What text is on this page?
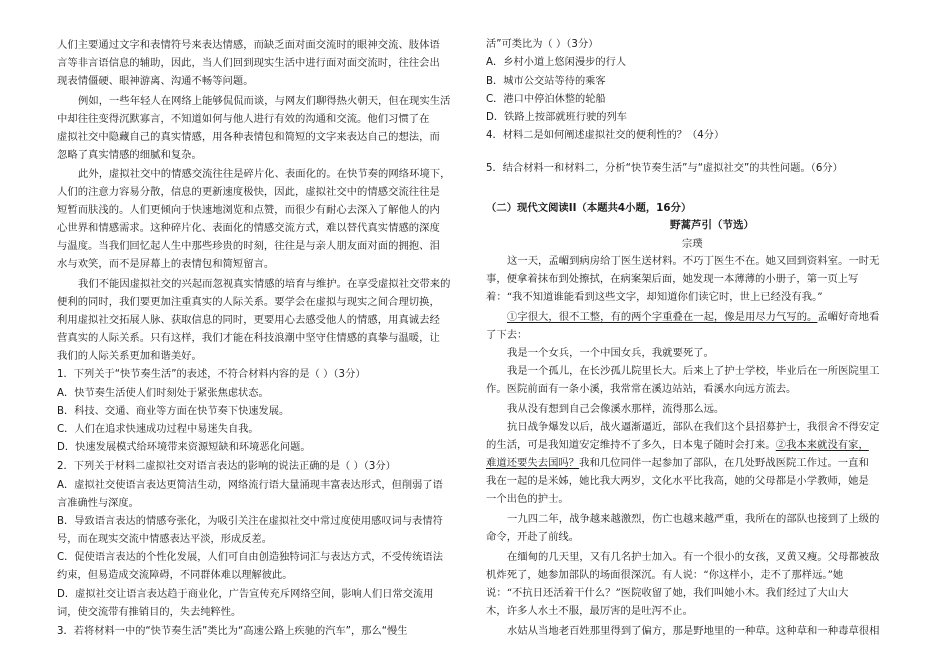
人们主要通过文字和表情符号来表达情感，而缺乏面对面交流时的眼神交流、肢体语
言等非言语信息的辅助，因此，当人们回到现实生活中进行面对面交流时，往往会出
现表情僵硬、眼神游离、沟通不畅等问题。
例如，一些年轻人在网络上能够侃侃而谈，与网友们聊得热火朝天，但在现实生活
中却往往变得沉默寡言，不知道如何与他人进行有效的沟通和交流。他们习惯了在
虚拟社交中隐藏自己的真实情感，用各种表情包和简短的文字来表达自己的想法，而
忽略了真实情感的细腻和复杂。
此外，虚拟社交中的情感交流往往是碎片化、表面化的。在快节奏的网络环境下，
人们的注意力容易分散，信息的更新速度极快，因此，虚拟社交中的情感交流往往是
短暂而肤浅的。人们更倾向于快速地浏览和点赞，而很少有耐心去深入了解他人的内
心世界和情感需求。这种碎片化、表面化的情感交流方式，难以替代真实情感的深度
与温度。当我们回忆起人生中那些珍贵的时刻，往往是与亲人朋友面对面的拥抱、泪
水与欢笑，而不是屏幕上的表情包和简短留言。
我们不能因虚拟社交的兴起而忽视真实情感的培育与维护。在享受虚拟社交带来的
便利的同时，我们要更加注重真实的人际关系。要学会在虚拟与现实之间合理切换，
利用虚拟社交拓展人脉、获取信息的同时，更要用心去感受他人的情感，用真诚去经
营真实的人际关系。只有这样，我们才能在科技浪潮中坚守住情感的真挚与温暖，让
我们的人际关系更加和谐美好。
1．下列关于“快节奏生活”的表述，不符合材料内容的是（ ）（3分）
A．快节奏生活使人们时刻处于紧张焦虑状态。
B．科技、交通、商业等方面在快节奏下快速发展。
C．人们在追求快速成功过程中易迷失自我。
D．快速发展模式给环境带来资源短缺和环境恶化问题。
2．下列关于材料二虚拟社交对语言表达的影响的说法正确的是（ ）（3分）
A．虚拟社交使语言表达更简洁生动，网络流行语大量涌现丰富表达形式，但削弱了语
言准确性与深度。
B．导致语言表达的情感夸张化，为吸引关注在虚拟社交中常过度使用感叹词与表情符
号，而在现实交流中情感表达平淡，形成反差。
C．促使语言表达的个性化发展，人们可自由创造独特词汇与表达方式，不受传统语法
约束，但易造成交流障碍，不同群体难以理解彼此。
D．虚拟社交让语言表达趋于商业化，广告宣传充斥网络空间，影响人们日常交流用
词，使交流带有推销目的，失去纯粹性。
3．若将材料一中的“快节奏生活”类比为“高速公路上疾驰的汽车”，那么“慢生
活”可类比为（ ）（3分）
A．乡村小道上悠闲漫步的行人
B．城市公交站等待的乘客
C．港口中停泊休整的轮船
D．铁路上按部就班行驶的列车
4．材料二是如何阐述虚拟社交的便利性的？（4分）
5．结合材料一和材料二，分析“快节奏生活”与“虚拟社交”的共性问题。（6分）
（二）现代文阅读II（本题共4小题，16分）
野蒿芦引（节选）
宗璞
这一天，孟嵋到病房给丁医生送材料。不巧丁医生不在。她又回到资料室。一时无
事，便拿着抹布到处擦拭，在病案架后面，她发现一本薄薄的小册子，第一页上写
着：“我不知道谁能看到这些文字，却知道你们读它时，世上已经没有我。”
①字很大，很不工整，有的两个字重叠在一起，像是用尽力气写的。孟嵋好奇地看
了下去：
我是一个女兵，一个中国女兵，我就要死了。
我是一个孤儿，在长沙孤儿院里长大。后来上了护士学校，毕业后在一所医院里工
作。医院前面有一条小溪，我常常在溪边站站，看溪水向远方流去。
我从没有想到自己会像溪水那样，流得那么远。
抗日战争爆发以后，战火逼渐逼近，部队在我们这个县招募护士，我很舍不得安定
的生活，可是我知道安定维持不了多久，日本鬼子随时会打来。②我本来就没有家，
难道还要失去国吗？我和几位同伴一起参加了部队，在几处野战医院工作过。一直和
我在一起的是米姊，她比我大两岁，文化水平比我高，她的父母都是小学教师，她是
一个出色的护士。
一九四二年，战争越来越激烈，伤亡也越来越严重，我所在的部队也接到了上级的
命令，开赴了前线。
在缅甸的几天里，又有几名护士加入。有一个很小的女孩，叉黄又瘦。父母都被敌
机炸死了，她参加部队的场面很深沉。有人说：“你这样小，走不了那样远。”她
说：“不抗日还活着干什么？”医院收留了她，我们叫她小木。我们经过了大山大
木，许多人水土不服，最厉害的是吐泻不止。
水姑从当地老百姓那里得到了偏方，那是野地里的一种草。这种草和一种毒草很相
